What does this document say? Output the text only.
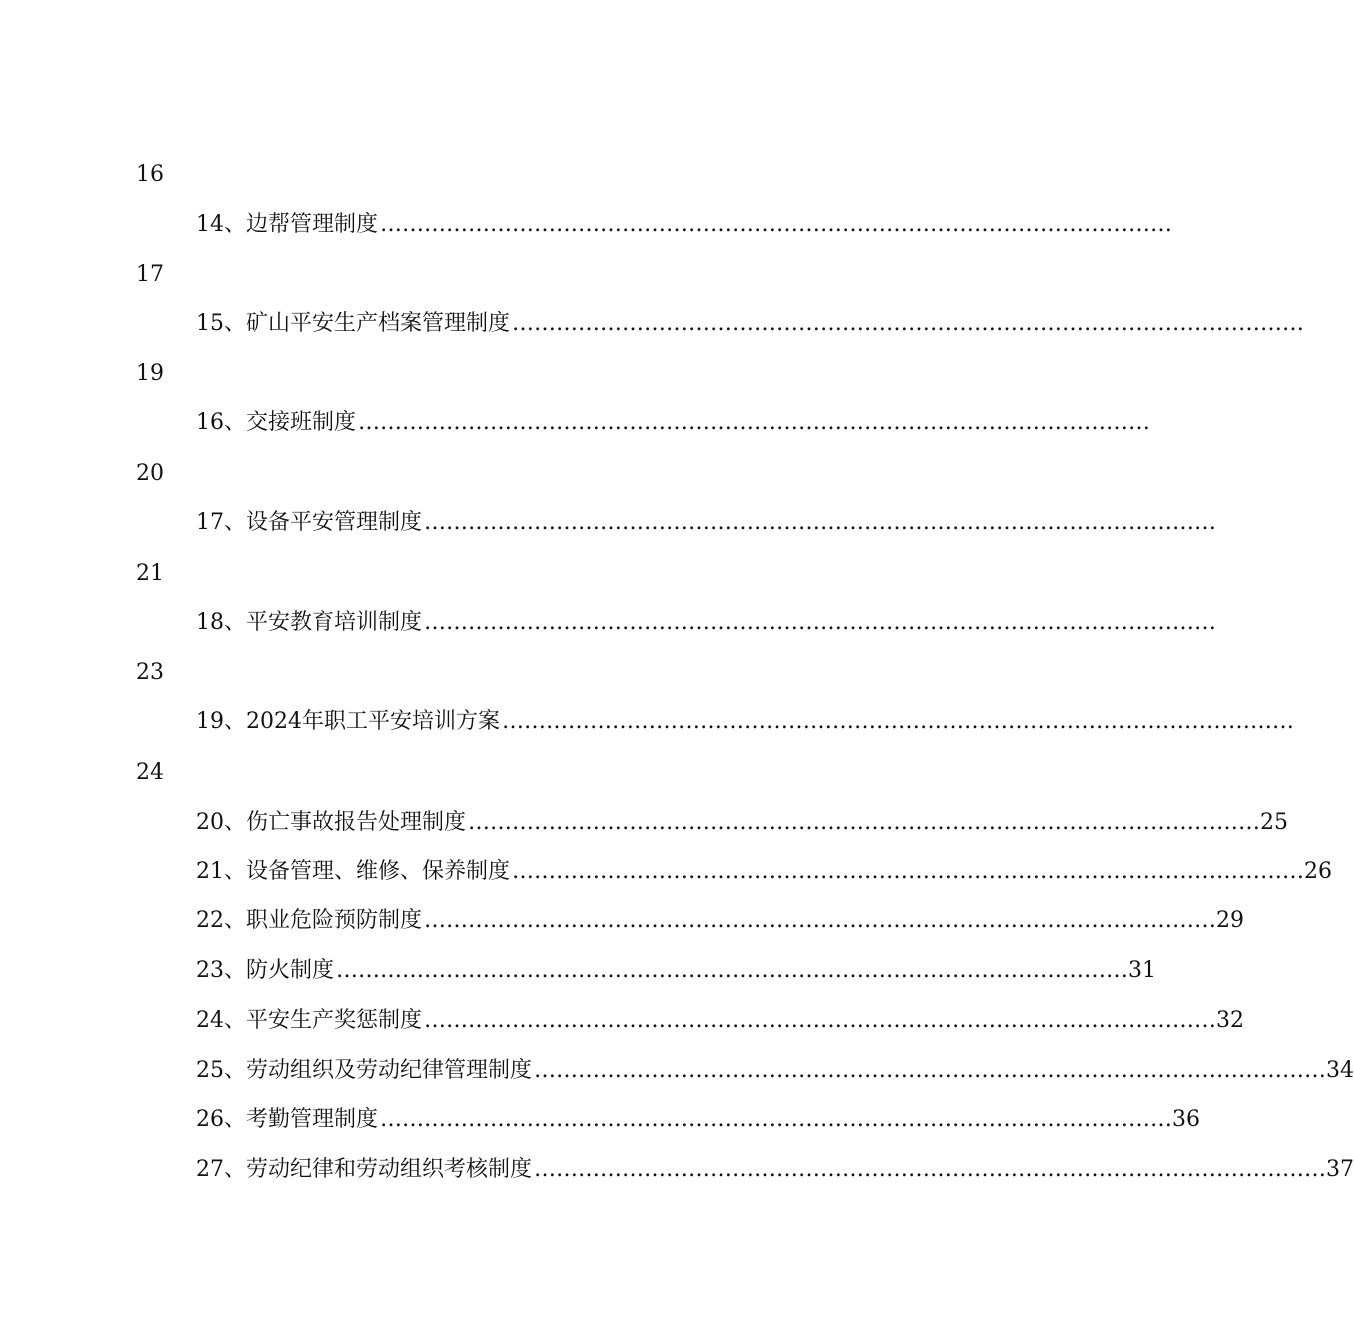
16
14 、 边帮管理制度 ………………………………………………………………………………………………
17
15 、 矿山平安生产档案管理制度 ………………………………………………………………………………………………
19
16 、 交接班制度 ………………………………………………………………………………………………
20
17 、 设备平安管理制度 ………………………………………………………………………………………………
21
18 、 平安教育培训制度 ………………………………………………………………………………………………
23
19 、 2024年职工平安培训方案 ………………………………………………………………………………………………
24
20 、 伤亡事故报告处理制度 ……………………………………………………………………………………………… 25
21 、 设备管理、维修、保养制度 ……………………………………………………………………………………………… 26
22 、 职业危险预防制度 ……………………………………………………………………………………………… 29
23 、 防火制度 ……………………………………………………………………………………………… 31
24 、 平安生产奖惩制度 ……………………………………………………………………………………………… 32
25 、 劳动组织及劳动纪律管理制度 ……………………………………………………………………………………………… 34
26 、 考勤管理制度 ……………………………………………………………………………………………… 36
27 、 劳动纪律和劳动组织考核制度 ……………………………………………………………………………………………… 37
